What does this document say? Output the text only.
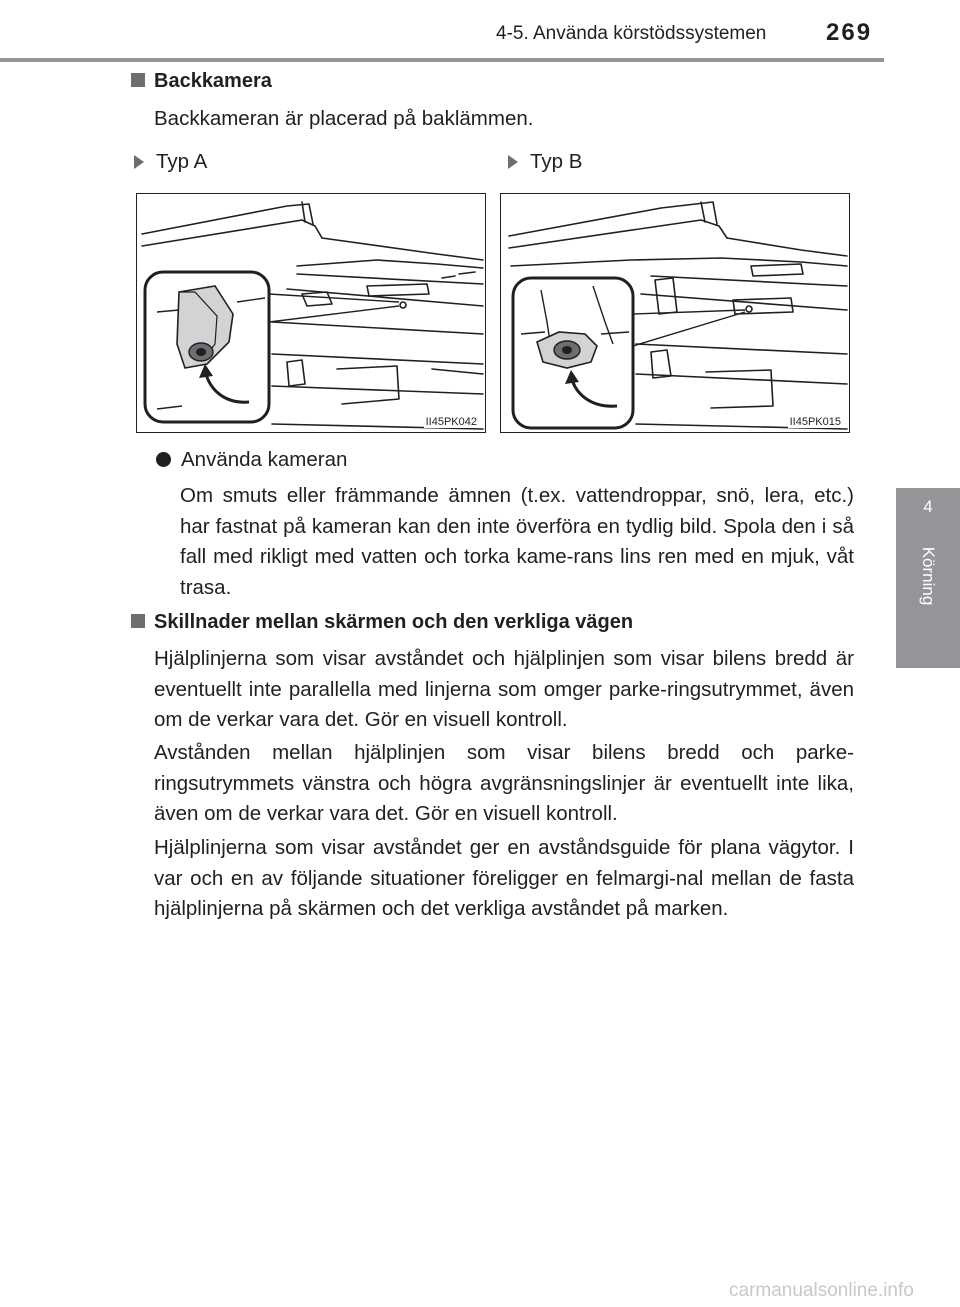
4-5. Använda körstödssystemen 269
4
Körning
Backkamera
Backkameran är placerad på baklämmen.
Typ A	Typ B
II45PK042	II45PK015
Använda kameran
Om smuts eller främmande ämnen (t.ex. vattendroppar, snö, lera, etc.) har fastnat på kameran kan den inte överföra en tydlig bild. Spola den i så fall med rikligt med vatten och torka kame-rans lins ren med en mjuk, våt trasa.
Skillnader mellan skärmen och den verkliga vägen
Hjälplinjerna som visar avståndet och hjälplinjen som visar bilens bredd är eventuellt inte parallella med linjerna som omger parke-ringsutrymmet, även om de verkar vara det. Gör en visuell kontroll.
Avstånden mellan hjälplinjen som visar bilens bredd och parke-ringsutrymmets vänstra och högra avgränsningslinjer är eventuellt inte lika, även om de verkar vara det. Gör en visuell kontroll.
Hjälplinjerna som visar avståndet ger en avståndsguide för plana vägytor. I var och en av följande situationer föreligger en felmargi-nal mellan de fasta hjälplinjerna på skärmen och det verkliga avståndet på marken.
carmanualsonline.info
